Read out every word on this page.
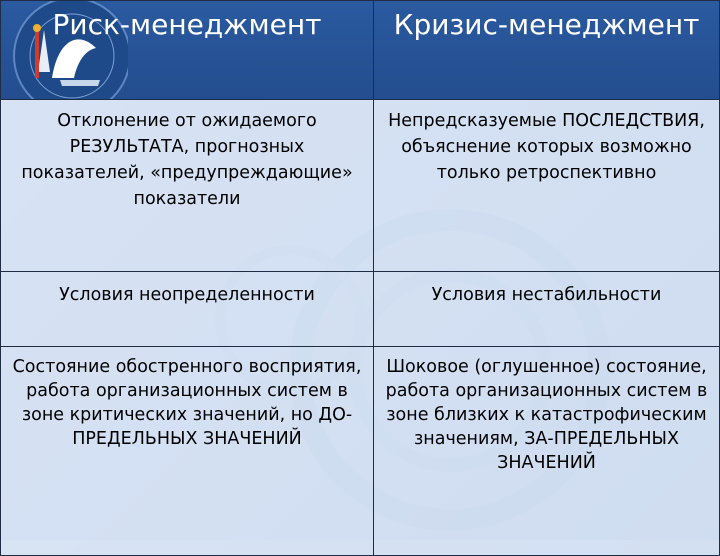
Риск-менеджмент	Кризис-менеджмент
Отклонение от ожидаемого РЕЗУЛЬТАТА, прогнозных показателей, «предупреждающие» показатели	Непредсказуемые ПОСЛЕДСТВИЯ, объяснение которых возможно только ретроспективно
Условия неопределенности	Условия нестабильности
Состояние обостренного восприятия, работа организационных систем в зоне критических значений, но ДО-ПРЕДЕЛЬНЫХ ЗНАЧЕНИЙ	Шоковое (оглушенное) состояние, работа организационных систем в зоне близких к катастрофическим значениям, ЗА-ПРЕДЕЛЬНЫХ ЗНАЧЕНИЙ
